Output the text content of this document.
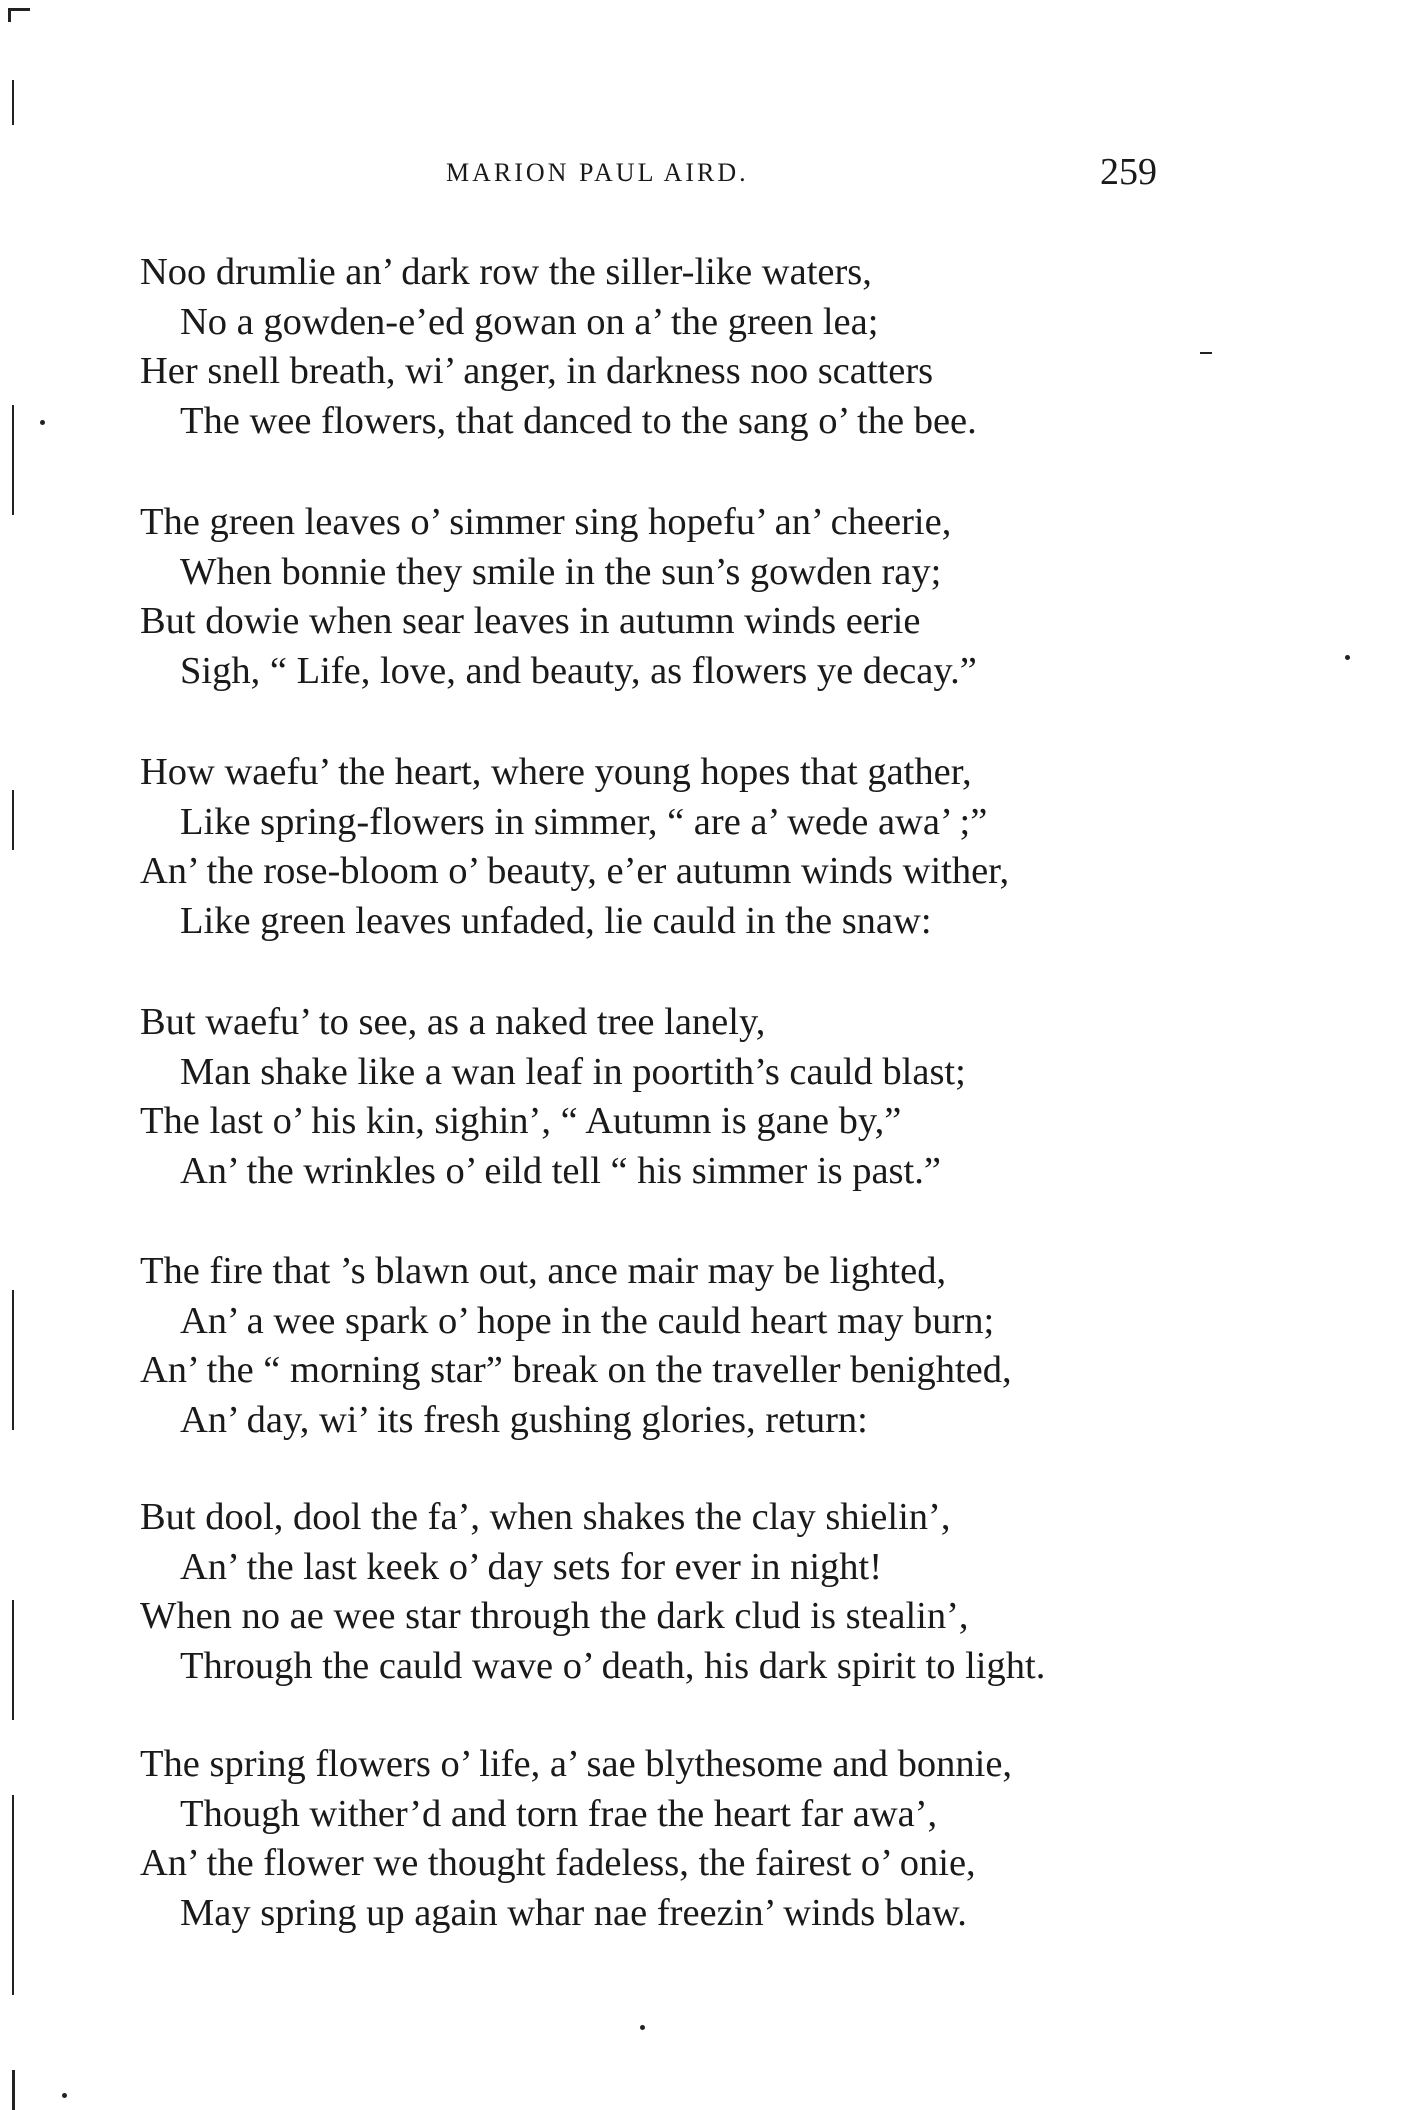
MARION PAUL AIRD.	259
Noo drumlie an’ dark row the siller-like waters,
No a gowden-e’ed gowan on a’ the green lea;
Her snell breath, wi’ anger, in darkness noo scatters
The wee flowers, that danced to the sang o’ the bee.
The green leaves o’ simmer sing hopefu’ an’ cheerie,
When bonnie they smile in the sun’s gowden ray;
But dowie when sear leaves in autumn winds eerie
Sigh, “ Life, love, and beauty, as flowers ye decay.”
How waefu’ the heart, where young hopes that gather,
Like spring-flowers in simmer, “ are a’ wede awa’ ;”
An’ the rose-bloom o’ beauty, e’er autumn winds wither,
Like green leaves unfaded, lie cauld in the snaw:
But waefu’ to see, as a naked tree lanely,
Man shake like a wan leaf in poortith’s cauld blast;
The last o’ his kin, sighin’, “ Autumn is gane by,”
An’ the wrinkles o’ eild tell “ his simmer is past.”
The fire that ’s blawn out, ance mair may be lighted,
An’ a wee spark o’ hope in the cauld heart may burn;
An’ the “ morning star” break on the traveller benighted,
An’ day, wi’ its fresh gushing glories, return:
But dool, dool the fa’, when shakes the clay shielin’,
An’ the last keek o’ day sets for ever in night!
When no ae wee star through the dark clud is stealin’,
Through the cauld wave o’ death, his dark spirit to light.
The spring flowers o’ life, a’ sae blythesome and bonnie,
Though wither’d and torn frae the heart far awa’,
An’ the flower we thought fadeless, the fairest o’ onie,
May spring up again whar nae freezin’ winds blaw.
